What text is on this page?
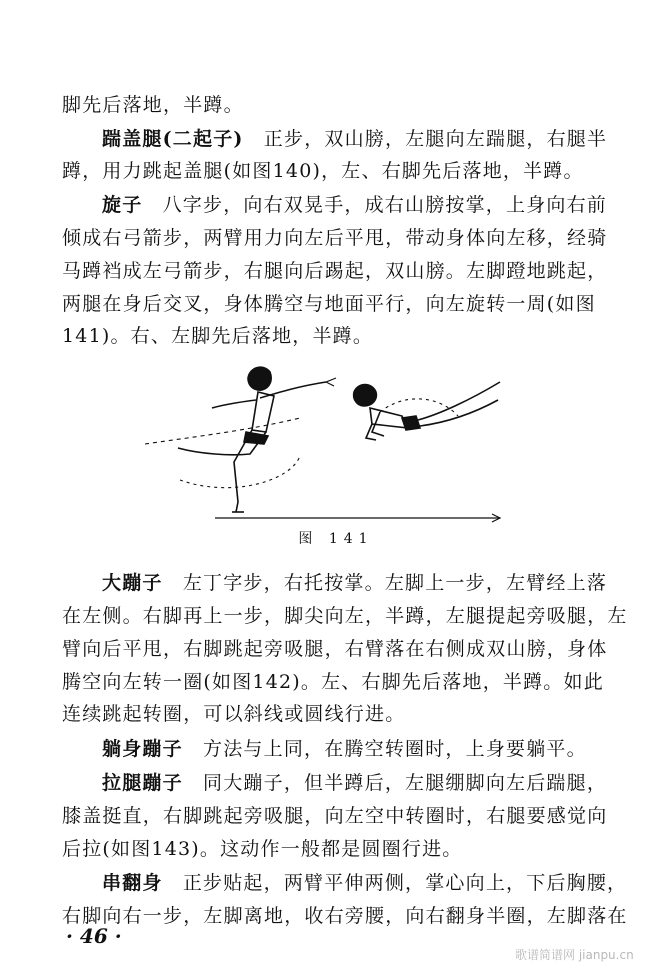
脚先后落地，半蹲。
踹盖腿(二起子)　 正步，双山膀，左腿向左踹腿，右腿半
蹲，用力跳起盖腿(如图140)，左、右脚先后落地，半蹲。
旋子　 八字步，向右双晃手，成右山膀按掌，上身向右前
倾成右弓箭步，两臂用力向左后平甩，带动身体向左移，经骑
马蹲裆成左弓箭步，右腿向后踢起，双山膀。左脚蹬地跳起，
两腿在身后交叉，身体腾空与地面平行，向左旋转一周(如图
141)。右、左脚先后落地，半蹲。
图 141
大蹦子　 左丁字步，右托按掌。左脚上一步，左臂经上落
在左侧。右脚再上一步，脚尖向左，半蹲，左腿提起旁吸腿，左
臂向后平甩，右脚跳起旁吸腿，右臂落在右侧成双山膀，身体
腾空向左转一圈(如图142)。左、右脚先后落地，半蹲。如此
连续跳起转圈，可以斜线或圆线行进。
躺身蹦子　 方法与上同，在腾空转圈时，上身要躺平。
拉腿蹦子　 同大蹦子，但半蹲后，左腿绷脚向左后踹腿，
膝盖挺直，右脚跳起旁吸腿，向左空中转圈时，右腿要感觉向
后拉(如图143)。这动作一般都是圆圈行进。
串翻身　 正步贴起，两臂平伸两侧，掌心向上，下后胸腰，
右脚向右一步，左脚离地，收右旁腰，向右翻身半圈，左脚落在
· 46 ·
歌谱简谱网 jianpu.cn
